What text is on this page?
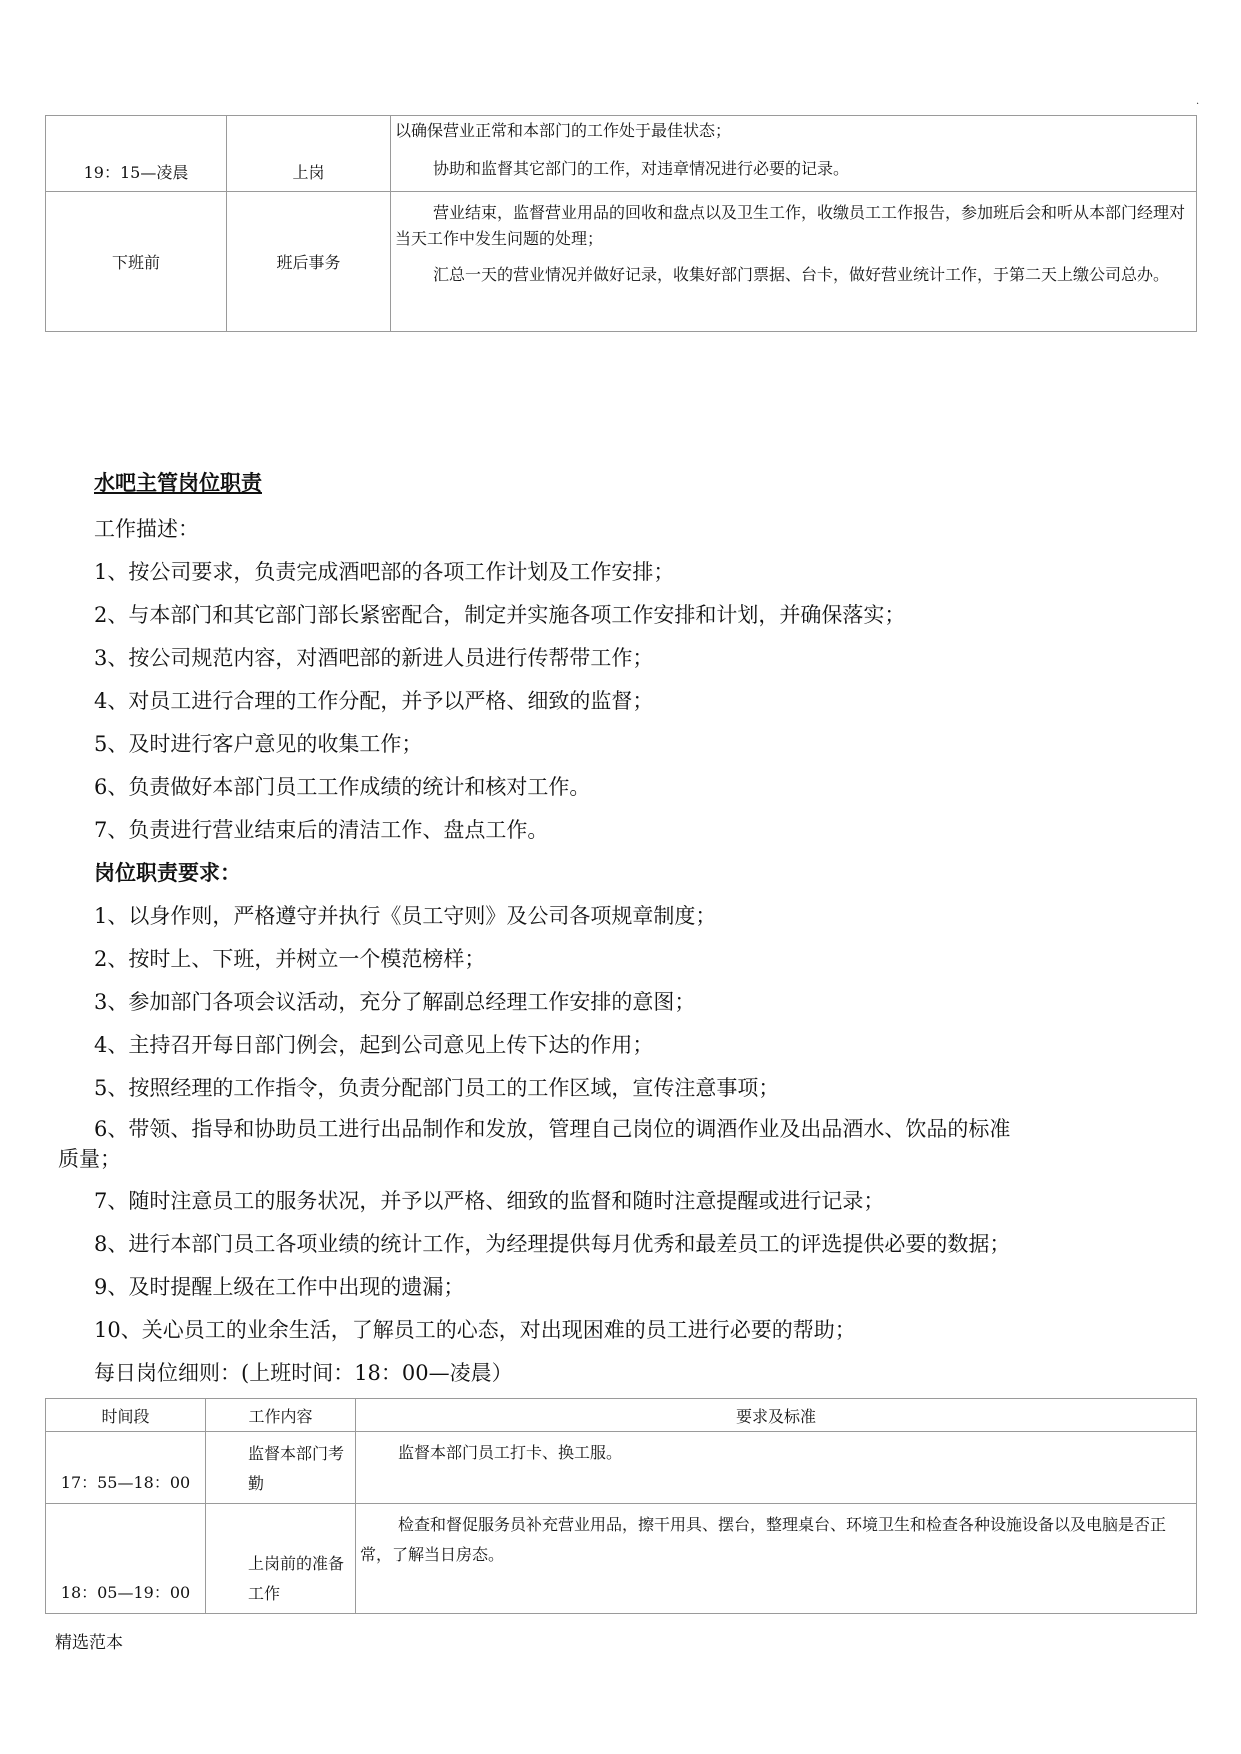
.
19：15—凌晨	上岗	以确保营业正常和本部门的工作处于最佳状态；

协助和监督其它部门的工作，对违章情况进行必要的记录。

下班前	班后事务	营业结束，监督营业用品的回收和盘点以及卫生工作，收缴员工工作报告，参加班后会和听从本部门经理对当天工作中发生问题的处理；

汇总一天的营业情况并做好记录，收集好部门票据、台卡，做好营业统计工作，于第二天上缴公司总办。

水吧主管岗位职责

工作描述：

1、按公司要求，负责完成酒吧部的各项工作计划及工作安排；

2、与本部门和其它部门部长紧密配合，制定并实施各项工作安排和计划，并确保落实；

3、按公司规范内容，对酒吧部的新进人员进行传帮带工作；

4、对员工进行合理的工作分配，并予以严格、细致的监督；

5、及时进行客户意见的收集工作；

6、负责做好本部门员工工作成绩的统计和核对工作。

7、负责进行营业结束后的清洁工作、盘点工作。

岗位职责要求：

1、以身作则，严格遵守并执行《员工守则》及公司各项规章制度；

2、按时上、下班，并树立一个模范榜样；

3、参加部门各项会议活动，充分了解副总经理工作安排的意图；

4、主持召开每日部门例会，起到公司意见上传下达的作用；

5、按照经理的工作指令，负责分配部门员工的工作区域，宣传注意事项；

6、带领、指导和协助员工进行出品制作和发放，管理自己岗位的调酒作业及出品酒水、饮品的标准
质量；

7、随时注意员工的服务状况，并予以严格、细致的监督和随时注意提醒或进行记录；

8、进行本部门员工各项业绩的统计工作，为经理提供每月优秀和最差员工的评选提供必要的数据；

9、及时提醒上级在工作中出现的遗漏；

10、关心员工的业余生活，了解员工的心态，对出现困难的员工进行必要的帮助；

每日岗位细则：(上班时间：18：00—凌晨）

时间段	工作内容	要求及标准
17：55—18：00	监督本部门考勤	监督本部门员工打卡、换工服。

18：05—19：00	上岗前的准备工作	检查和督促服务员补充营业用品，擦干用具、摆台，整理桌台、环境卫生和检查各种设施设备以及电脑是否正常，了解当日房态。

精选范本
